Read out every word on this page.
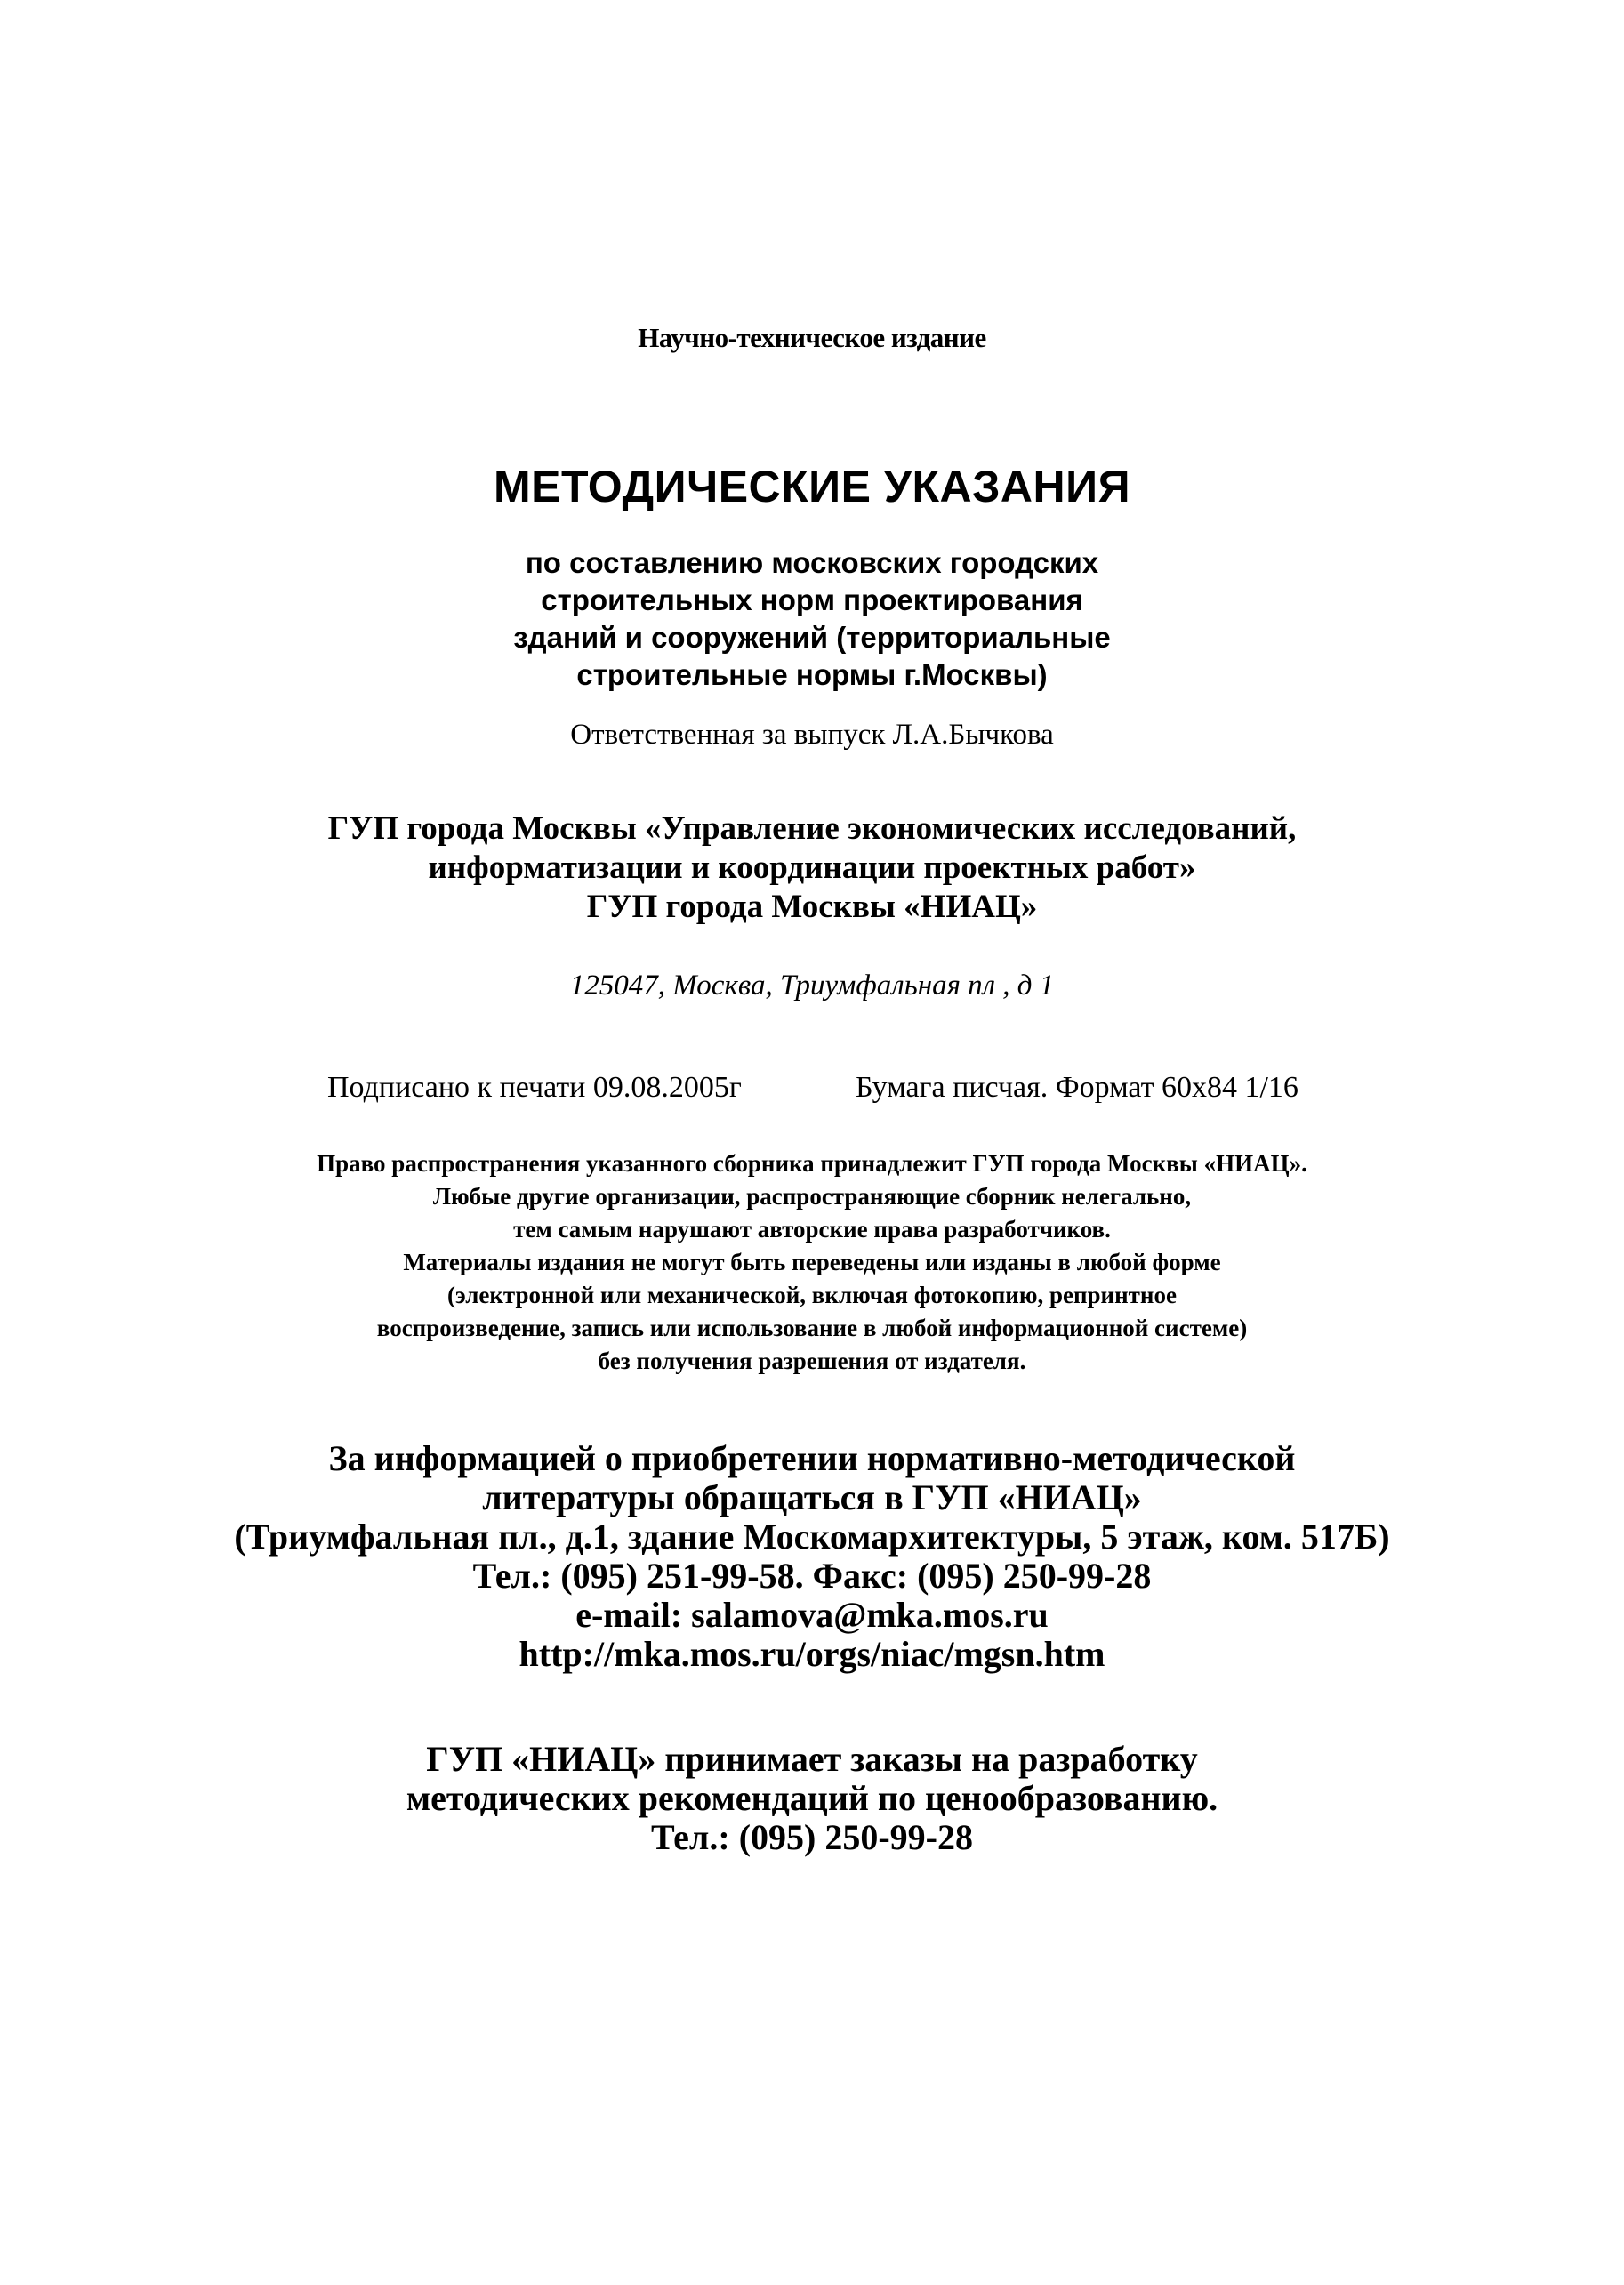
Научно-техническое издание
МЕТОДИЧЕСКИЕ УКАЗАНИЯ
по составлению московских городских
строительных норм проектирования
зданий и сооружений (территориальные
строительные нормы г.Москвы)
Ответственная за выпуск Л.А.Бычкова
ГУП города Москвы «Управление экономических исследований,
информатизации и координации проектных работ»
ГУП города Москвы «НИАЦ»
125047, Москва, Триумфальная пл , д 1
Подписано к печати 09.08.2005г	Бумага писчая. Формат 60х84 1/16
Право распространения указанного сборника принадлежит ГУП города Москвы «НИАЦ».
Любые другие организации, распространяющие сборник нелегально,
тем самым нарушают авторские права разработчиков.
Материалы издания не могут быть переведены или изданы в любой форме
(электронной или механической, включая фотокопию, репринтное
воспроизведение, запись или использование в любой информационной системе)
без получения разрешения от издателя.
За информацией о приобретении нормативно-методической
литературы обращаться в ГУП «НИАЦ»
(Триумфальная пл., д.1, здание Москомархитектуры, 5 этаж, ком. 517Б)
Тел.: (095) 251-99-58. Факс: (095) 250-99-28
e-mail: salamova@mka.mos.ru
http://mka.mos.ru/orgs/niac/mgsn.htm
ГУП «НИАЦ» принимает заказы на разработку
методических рекомендаций по ценообразованию.
Тел.: (095) 250-99-28
